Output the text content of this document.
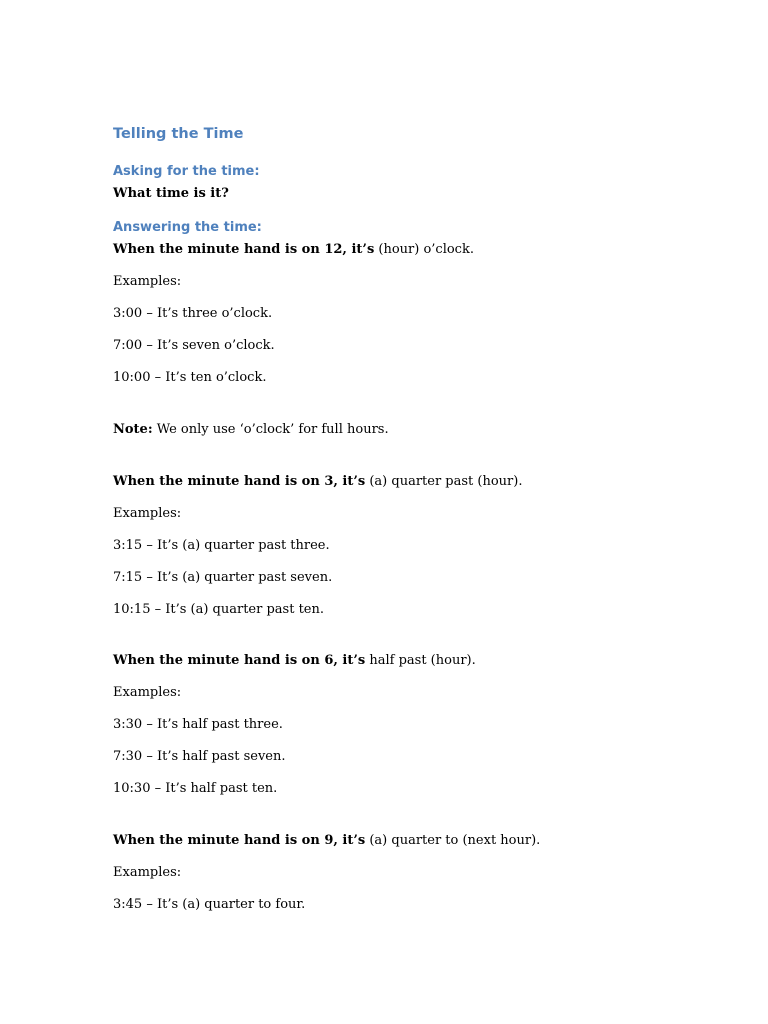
Telling the Time
Asking for the time:
What time is it?
Answering the time:
When the minute hand is on 12, it’s (hour) o’clock.
Examples:
3:00 – It’s three o’clock.
7:00 – It’s seven o’clock.
10:00 – It’s ten o’clock.
Note: We only use ‘o’clock’ for full hours.
When the minute hand is on 3, it’s (a) quarter past (hour).
Examples:
3:15 – It’s (a) quarter past three.
7:15 – It’s (a) quarter past seven.
10:15 – It’s (a) quarter past ten.
When the minute hand is on 6, it’s half past (hour).
Examples:
3:30 – It’s half past three.
7:30 – It’s half past seven.
10:30 – It’s half past ten.
When the minute hand is on 9, it’s (a) quarter to (next hour).
Examples:
3:45 – It’s (a) quarter to four.
